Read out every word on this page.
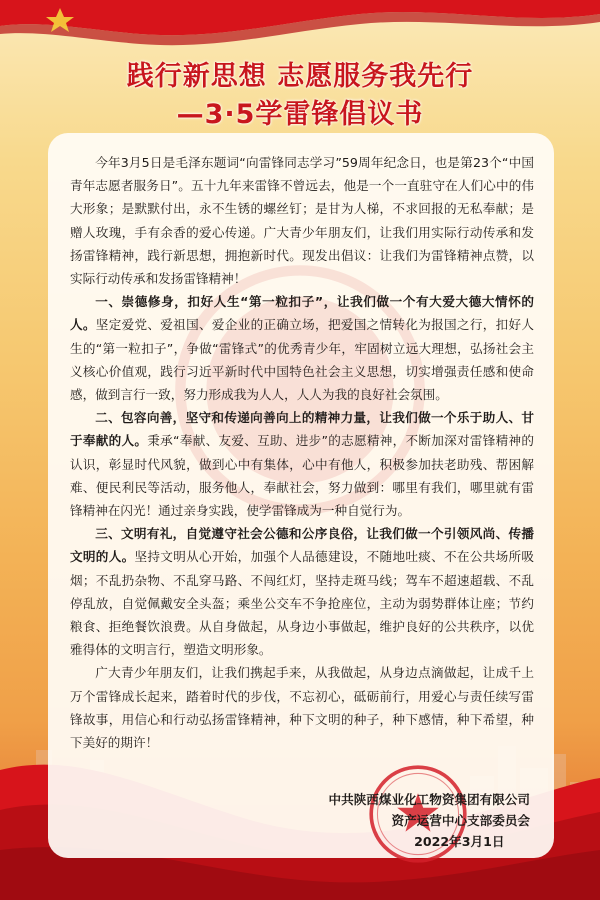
践行新思想 志愿服务我先行
—3·5学雷锋倡议书

今年3月5日是毛泽东题词“向雷锋同志学习”59周年纪念日，也是第23个“中国青年志愿者服务日”。五十九年来雷锋不曾远去，他是一个一直驻守在人们心中的伟大形象；是默默付出，永不生锈的螺丝钉；是甘为人梯，不求回报的无私奉献；是赠人玫瑰，手有余香的爱心传递。广大青少年朋友们，让我们用实际行动传承和发扬雷锋精神，践行新思想，拥抱新时代。现发出倡议：让我们为雷锋精神点赞，以实际行动传承和发扬雷锋精神！

一、崇德修身，扣好人生“第一粒扣子”，让我们做一个有大爱大德大情怀的人。坚定爱党、爱祖国、爱企业的正确立场，把爱国之情转化为报国之行，扣好人生的“第一粒扣子”，争做“雷锋式”的优秀青少年，牢固树立远大理想，弘扬社会主义核心价值观，践行习近平新时代中国特色社会主义思想，切实增强责任感和使命感，做到言行一致，努力形成我为人人，人人为我的良好社会氛围。

二、包容向善，坚守和传递向善向上的精神力量，让我们做一个乐于助人、甘于奉献的人。秉承“奉献、友爱、互助、进步”的志愿精神，不断加深对雷锋精神的认识，彰显时代风貌，做到心中有集体，心中有他人，积极参加扶老助残、帮困解难、便民利民等活动，服务他人，奉献社会，努力做到：哪里有我们，哪里就有雷锋精神在闪光！通过亲身实践，使学雷锋成为一种自觉行为。

三、文明有礼，自觉遵守社会公德和公序良俗，让我们做一个引领风尚、传播文明的人。坚持文明从心开始，加强个人品德建设，不随地吐痰、不在公共场所吸烟；不乱扔杂物、不乱穿马路、不闯红灯，坚持走斑马线；驾车不超速超载、不乱停乱放，自觉佩戴安全头盔；乘坐公交车不争抢座位，主动为弱势群体让座；节约粮食、拒绝餐饮浪费。从自身做起，从身边小事做起，维护良好的公共秩序，以优雅得体的文明言行，塑造文明形象。

广大青少年朋友们，让我们携起手来，从我做起，从身边点滴做起，让成千上万个雷锋成长起来，踏着时代的步伐，不忘初心，砥砺前行，用爱心与责任续写雷锋故事，用信心和行动弘扬雷锋精神，种下文明的种子，种下感情，种下希望，种下美好的期许！

中共陕西煤业化工物资集团有限公司
资产运营中心支部委员会
2022年3月1日
